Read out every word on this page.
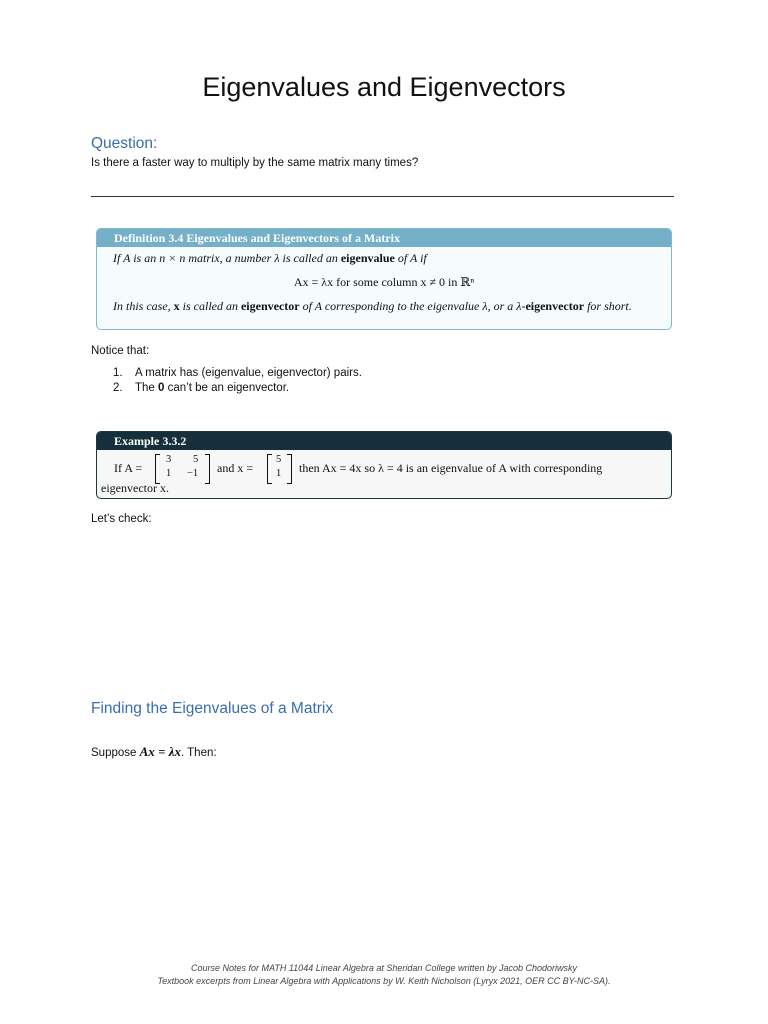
Eigenvalues and Eigenvectors
Question:
Is there a faster way to multiply by the same matrix many times?
Definition 3.4 Eigenvalues and Eigenvectors of a Matrix
If A is an n × n matrix, a number λ is called an eigenvalue of A if
Ax = λx for some column x ≠ 0 in ℝⁿ
In this case, x is called an eigenvector of A corresponding to the eigenvalue λ, or a λ-eigenvector for short.
Notice that:
1. A matrix has (eigenvalue, eigenvector) pairs.
2. The 0 can’t be an eigenvector.
Example 3.3.2
If A =
3 5
1 −1 and x =
5
1 then Ax = 4x so λ = 4 is an eigenvalue of A with corresponding
eigenvector x.
Let’s check:
Finding the Eigenvalues of a Matrix
Suppose Ax = λx. Then:
Course Notes for MATH 11044 Linear Algebra at Sheridan College written by Jacob Chodoriwsky
Textbook excerpts from Linear Algebra with Applications by W. Keith Nicholson (Lyryx 2021, OER CC BY-NC-SA).
